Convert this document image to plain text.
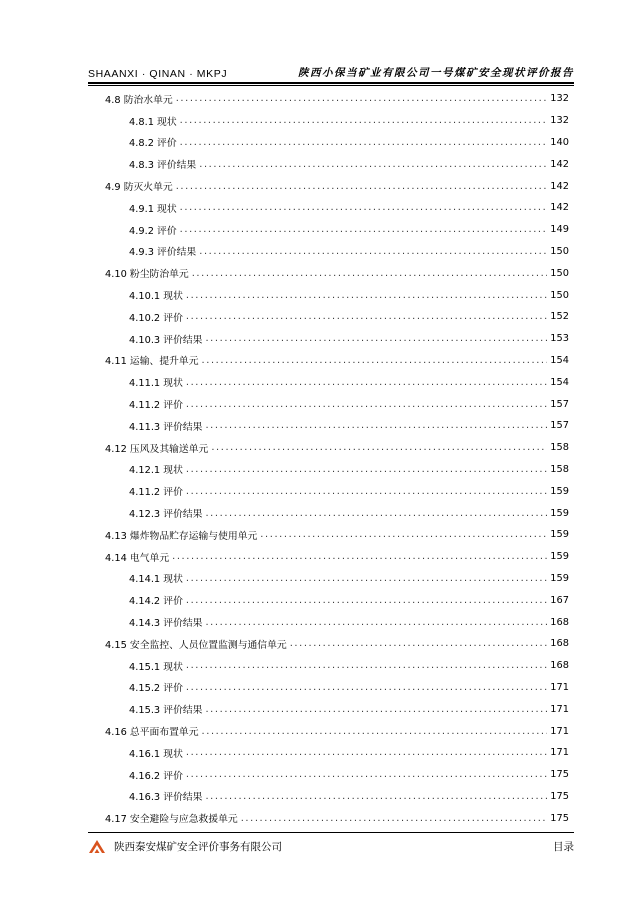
SHAANXI · QINAN · MKPJ	陕西小保当矿业有限公司一号煤矿安全现状评价报告
4.8 防治水单元 .....	132
4.8.1 现状 .....	132
4.8.2 评价 .....	140
4.8.3 评价结果 .....	142
4.9 防灭火单元 .....	142
4.9.1 现状 .....	142
4.9.2 评价 .....	149
4.9.3 评价结果 .....	150
4.10 粉尘防治单元 .....	150
4.10.1 现状 .....	150
4.10.2 评价 .....	152
4.10.3 评价结果 .....	153
4.11 运输、提升单元 .....	154
4.11.1 现状 .....	154
4.11.2 评价 .....	157
4.11.3 评价结果 .....	157
4.12 压风及其输送单元 .....	158
4.12.1 现状 .....	158
4.11.2 评价 .....	159
4.12.3 评价结果 .....	159
4.13 爆炸物品贮存运输与使用单元 .....	159
4.14 电气单元 .....	159
4.14.1 现状 .....	159
4.14.2 评价 .....	167
4.14.3 评价结果 .....	168
4.15 安全监控、人员位置监测与通信单元 .....	168
4.15.1 现状 .....	168
4.15.2 评价 .....	171
4.15.3 评价结果 .....	171
4.16 总平面布置单元 .....	171
4.16.1 现状 .....	171
4.16.2 评价 .....	175
4.16.3 评价结果 .....	175
4.17 安全避险与应急救援单元 .....	175
陕西秦安煤矿安全评价事务有限公司	目录
